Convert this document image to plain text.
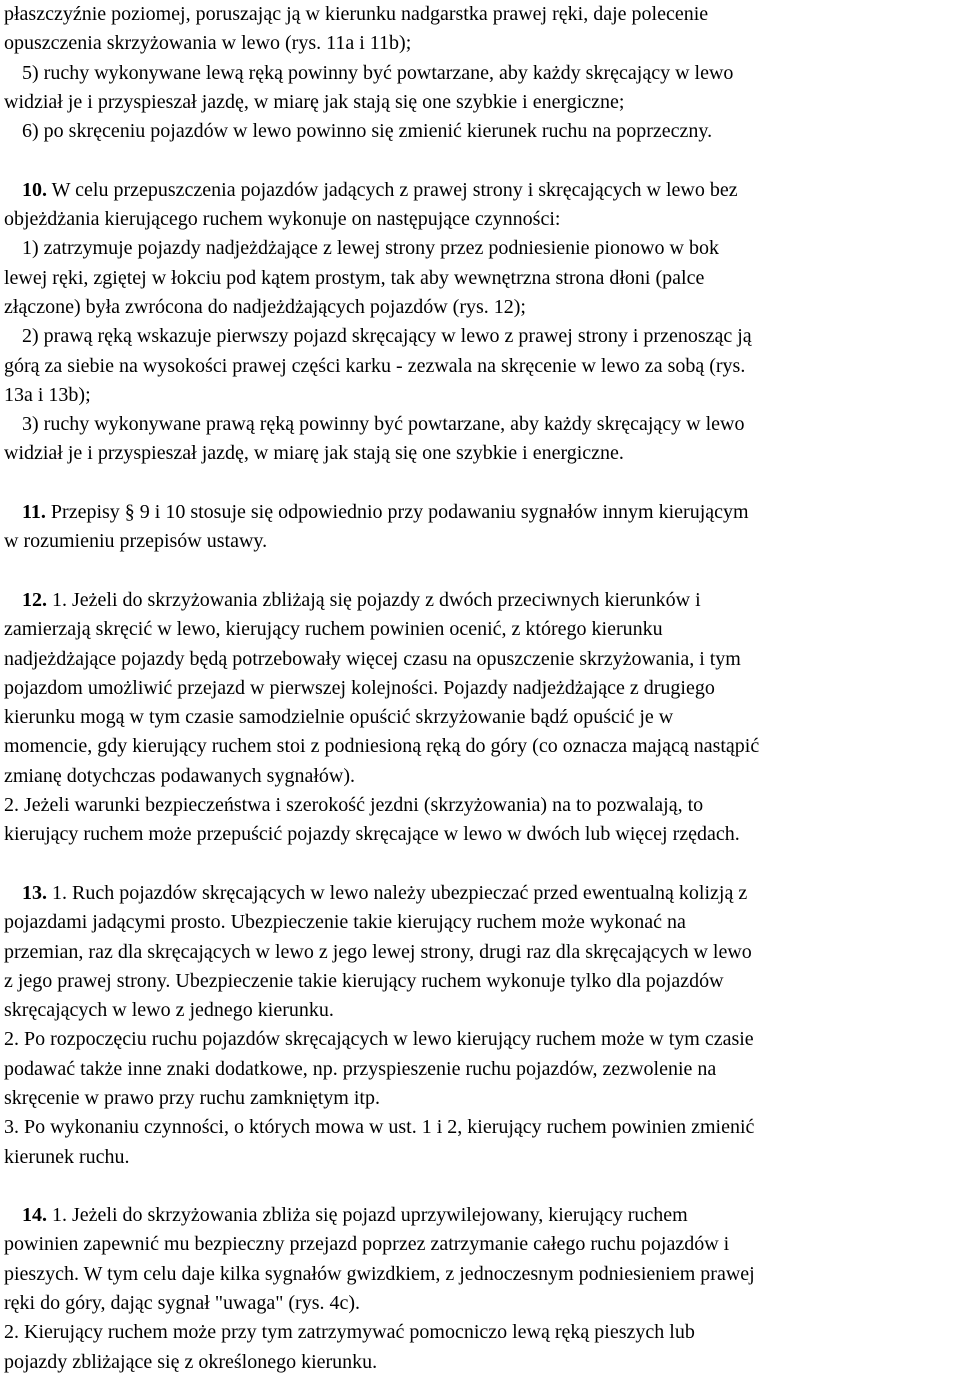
płaszczyźnie poziomej, poruszając ją w kierunku nadgarstka prawej ręki, daje polecenie
opuszczenia skrzyżowania w lewo (rys. 11a i 11b);
5) ruchy wykonywane lewą ręką powinny być powtarzane, aby każdy skręcający w lewo
widział je i przyspieszał jazdę, w miarę jak stają się one szybkie i energiczne;
6) po skręceniu pojazdów w lewo powinno się zmienić kierunek ruchu na poprzeczny.
10. W celu przepuszczenia pojazdów jadących z prawej strony i skręcających w lewo bez
objeżdżania kierującego ruchem wykonuje on następujące czynności:
1) zatrzymuje pojazdy nadjeżdżające z lewej strony przez podniesienie pionowo w bok
lewej ręki, zgiętej w łokciu pod kątem prostym, tak aby wewnętrzna strona dłoni (palce
złączone) była zwrócona do nadjeżdżających pojazdów (rys. 12);
2) prawą ręką wskazuje pierwszy pojazd skręcający w lewo z prawej strony i przenosząc ją
górą za siebie na wysokości prawej części karku - zezwala na skręcenie w lewo za sobą (rys.
13a i 13b);
3) ruchy wykonywane prawą ręką powinny być powtarzane, aby każdy skręcający w lewo
widział je i przyspieszał jazdę, w miarę jak stają się one szybkie i energiczne.
11. Przepisy § 9 i 10 stosuje się odpowiednio przy podawaniu sygnałów innym kierującym
w rozumieniu przepisów ustawy.
12. 1. Jeżeli do skrzyżowania zbliżają się pojazdy z dwóch przeciwnych kierunków i
zamierzają skręcić w lewo, kierujący ruchem powinien ocenić, z którego kierunku
nadjeżdżające pojazdy będą potrzebowały więcej czasu na opuszczenie skrzyżowania, i tym
pojazdom umożliwić przejazd w pierwszej kolejności. Pojazdy nadjeżdżające z drugiego
kierunku mogą w tym czasie samodzielnie opuścić skrzyżowanie bądź opuścić je w
momencie, gdy kierujący ruchem stoi z podniesioną ręką do góry (co oznacza mającą nastąpić
zmianę dotychczas podawanych sygnałów).
2. Jeżeli warunki bezpieczeństwa i szerokość jezdni (skrzyżowania) na to pozwalają, to
kierujący ruchem może przepuścić pojazdy skręcające w lewo w dwóch lub więcej rzędach.
13. 1. Ruch pojazdów skręcających w lewo należy ubezpieczać przed ewentualną kolizją z
pojazdami jadącymi prosto. Ubezpieczenie takie kierujący ruchem może wykonać na
przemian, raz dla skręcających w lewo z jego lewej strony, drugi raz dla skręcających w lewo
z jego prawej strony. Ubezpieczenie takie kierujący ruchem wykonuje tylko dla pojazdów
skręcających w lewo z jednego kierunku.
2. Po rozpoczęciu ruchu pojazdów skręcających w lewo kierujący ruchem może w tym czasie
podawać także inne znaki dodatkowe, np. przyspieszenie ruchu pojazdów, zezwolenie na
skręcenie w prawo przy ruchu zamkniętym itp.
3. Po wykonaniu czynności, o których mowa w ust. 1 i 2, kierujący ruchem powinien zmienić
kierunek ruchu.
14. 1. Jeżeli do skrzyżowania zbliża się pojazd uprzywilejowany, kierujący ruchem
powinien zapewnić mu bezpieczny przejazd poprzez zatrzymanie całego ruchu pojazdów i
pieszych. W tym celu daje kilka sygnałów gwizdkiem, z jednoczesnym podniesieniem prawej
ręki do góry, dając sygnał "uwaga" (rys. 4c).
2. Kierujący ruchem może przy tym zatrzymywać pomocniczo lewą ręką pieszych lub
pojazdy zbliżające się z określonego kierunku.
